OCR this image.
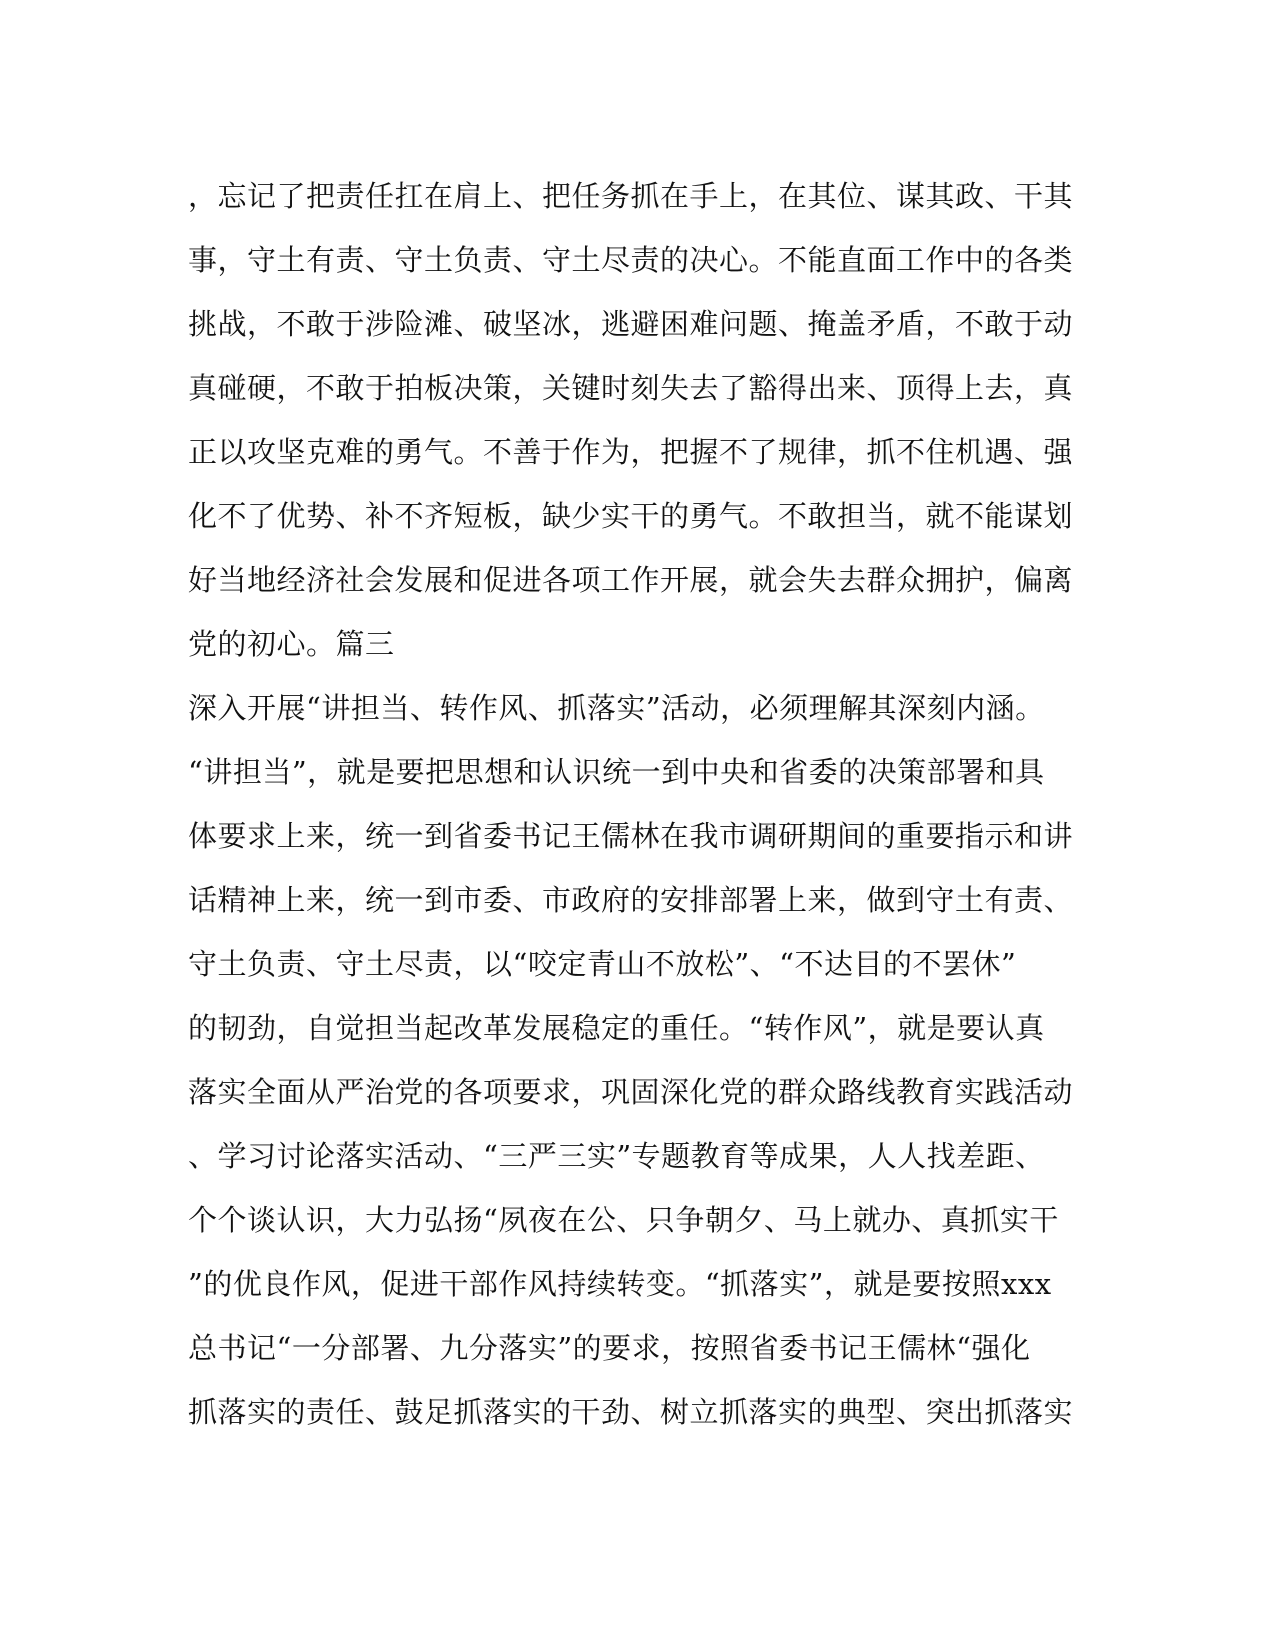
，忘记了把责任扛在肩上、把任务抓在手上，在其位、谋其政、干其
事，守土有责、守土负责、守土尽责的决心。不能直面工作中的各类
挑战，不敢于涉险滩、破坚冰，逃避困难问题、掩盖矛盾，不敢于动
真碰硬，不敢于拍板决策，关键时刻失去了豁得出来、顶得上去，真
正以攻坚克难的勇气。不善于作为，把握不了规律，抓不住机遇、强
化不了优势、补不齐短板，缺少实干的勇气。不敢担当，就不能谋划
好当地经济社会发展和促进各项工作开展，就会失去群众拥护，偏离
党的初心。篇三
深入开展“讲担当、转作风、抓落实”活动，必须理解其深刻内涵。
“讲担当”，就是要把思想和认识统一到中央和省委的决策部署和具
体要求上来，统一到省委书记王儒林在我市调研期间的重要指示和讲
话精神上来，统一到市委、市政府的安排部署上来，做到守土有责、
守土负责、守土尽责，以“咬定青山不放松”、“不达目的不罢休”
的韧劲，自觉担当起改革发展稳定的重任。“转作风”，就是要认真
落实全面从严治党的各项要求，巩固深化党的群众路线教育实践活动
、学习讨论落实活动、“三严三实”专题教育等成果，人人找差距、
个个谈认识，大力弘扬“夙夜在公、只争朝夕、马上就办、真抓实干
”的优良作风，促进干部作风持续转变。“抓落实”，就是要按照xxx
总书记“一分部署、九分落实”的要求，按照省委书记王儒林“强化
抓落实的责任、鼓足抓落实的干劲、树立抓落实的典型、突出抓落实
